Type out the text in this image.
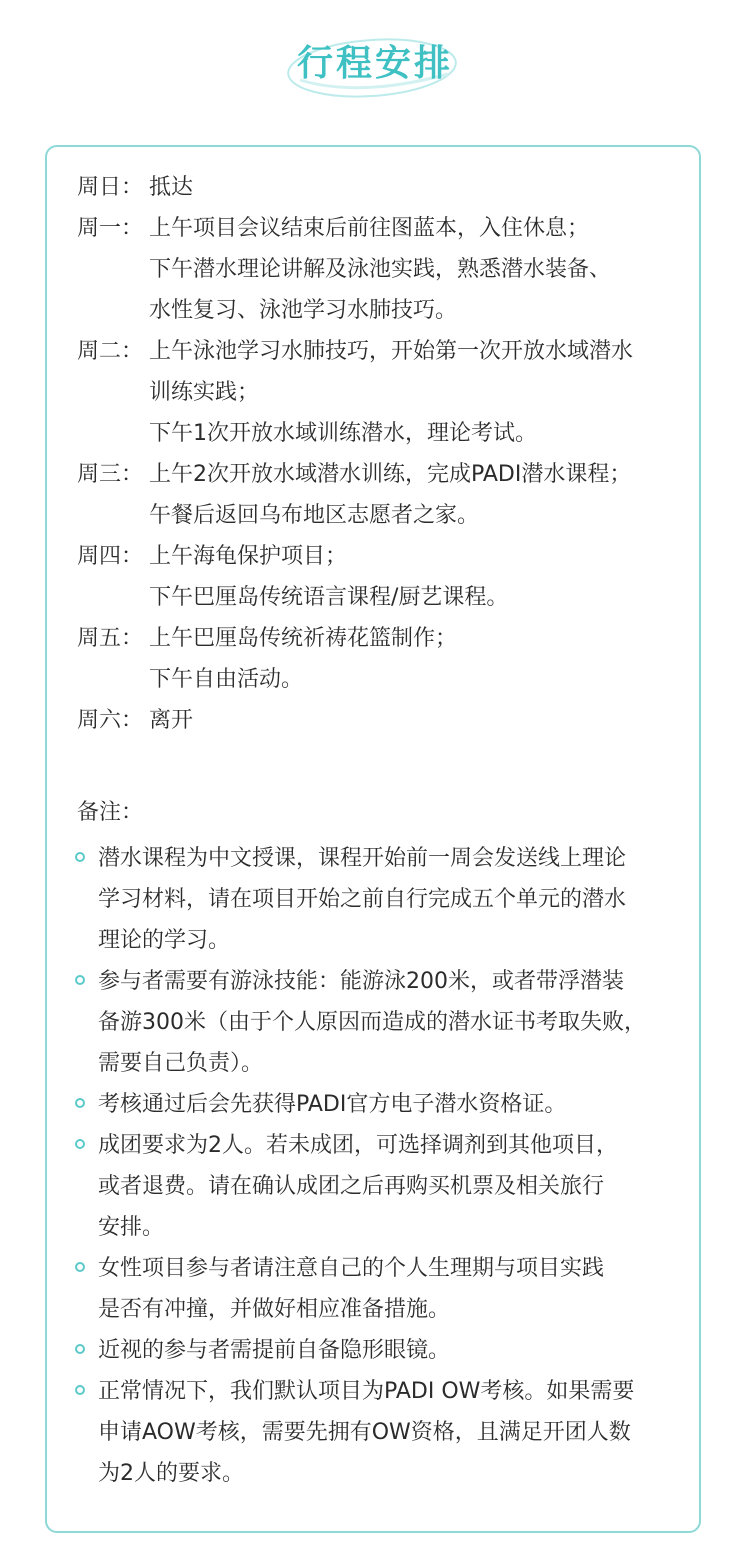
行程安排
周日： 抵达
周一： 上午项目会议结束后前往图蓝本，入住休息；
下午潜水理论讲解及泳池实践，熟悉潜水装备、
水性复习、泳池学习水肺技巧。
周二： 上午泳池学习水肺技巧，开始第一次开放水域潜水
训练实践；
下午1次开放水域训练潜水，理论考试。
周三： 上午2次开放水域潜水训练，完成PADI潜水课程；
午餐后返回乌布地区志愿者之家。
周四： 上午海龟保护项目；
下午巴厘岛传统语言课程/厨艺课程。
周五： 上午巴厘岛传统祈祷花篮制作；
下午自由活动。
周六： 离开
备注：
潜水课程为中文授课，课程开始前一周会发送线上理论
学习材料，请在项目开始之前自行完成五个单元的潜水
理论的学习。
参与者需要有游泳技能：能游泳200米，或者带浮潜装
备游300米（由于个人原因而造成的潜水证书考取失败，
需要自己负责）。
考核通过后会先获得PADI官方电子潜水资格证。
成团要求为2人。若未成团，可选择调剂到其他项目，
或者退费。请在确认成团之后再购买机票及相关旅行
安排。
女性项目参与者请注意自己的个人生理期与项目实践
是否有冲撞，并做好相应准备措施。
近视的参与者需提前自备隐形眼镜。
正常情况下，我们默认项目为PADI OW考核。如果需要
申请AOW考核，需要先拥有OW资格，且满足开团人数
为2人的要求。
